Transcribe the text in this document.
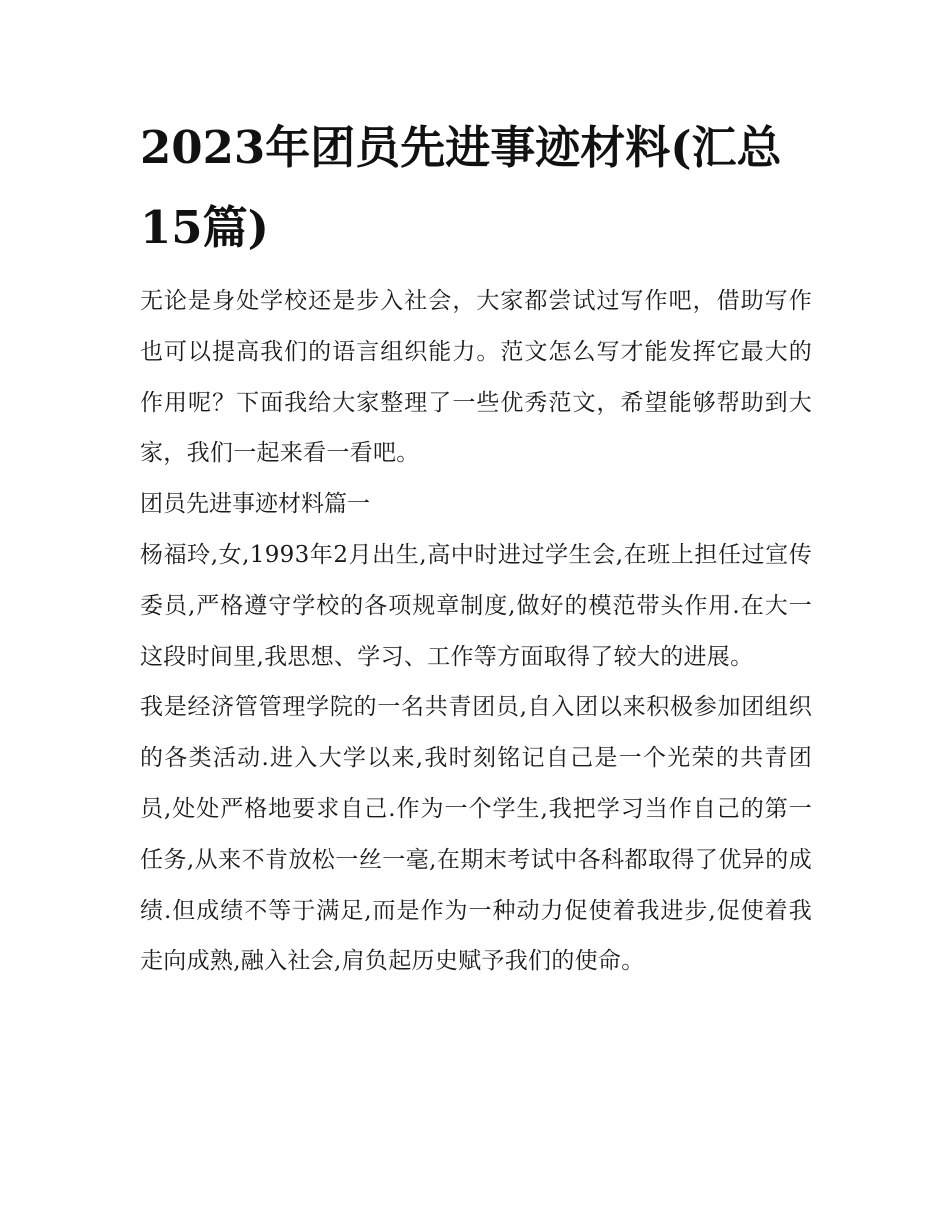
2023年团员先进事迹材料(汇总15篇)

无论是身处学校还是步入社会，大家都尝试过写作吧，借助写作也可以提高我们的语言组织能力。范文怎么写才能发挥它最大的作用呢？下面我给大家整理了一些优秀范文，希望能够帮助到大家，我们一起来看一看吧。

团员先进事迹材料篇一

杨福玲,女,1993年2月出生,高中时进过学生会,在班上担任过宣传委员,严格遵守学校的各项规章制度,做好的模范带头作用.在大一这段时间里,我思想、学习、工作等方面取得了较大的进展。

我是经济管管理学院的一名共青团员,自入团以来积极参加团组织的各类活动.进入大学以来,我时刻铭记自己是一个光荣的共青团员,处处严格地要求自己.作为一个学生,我把学习当作自己的第一任务,从来不肯放松一丝一毫,在期末考试中各科都取得了优异的成绩.但成绩不等于满足,而是作为一种动力促使着我进步,促使着我走向成熟,融入社会,肩负起历史赋予我们的使命。
